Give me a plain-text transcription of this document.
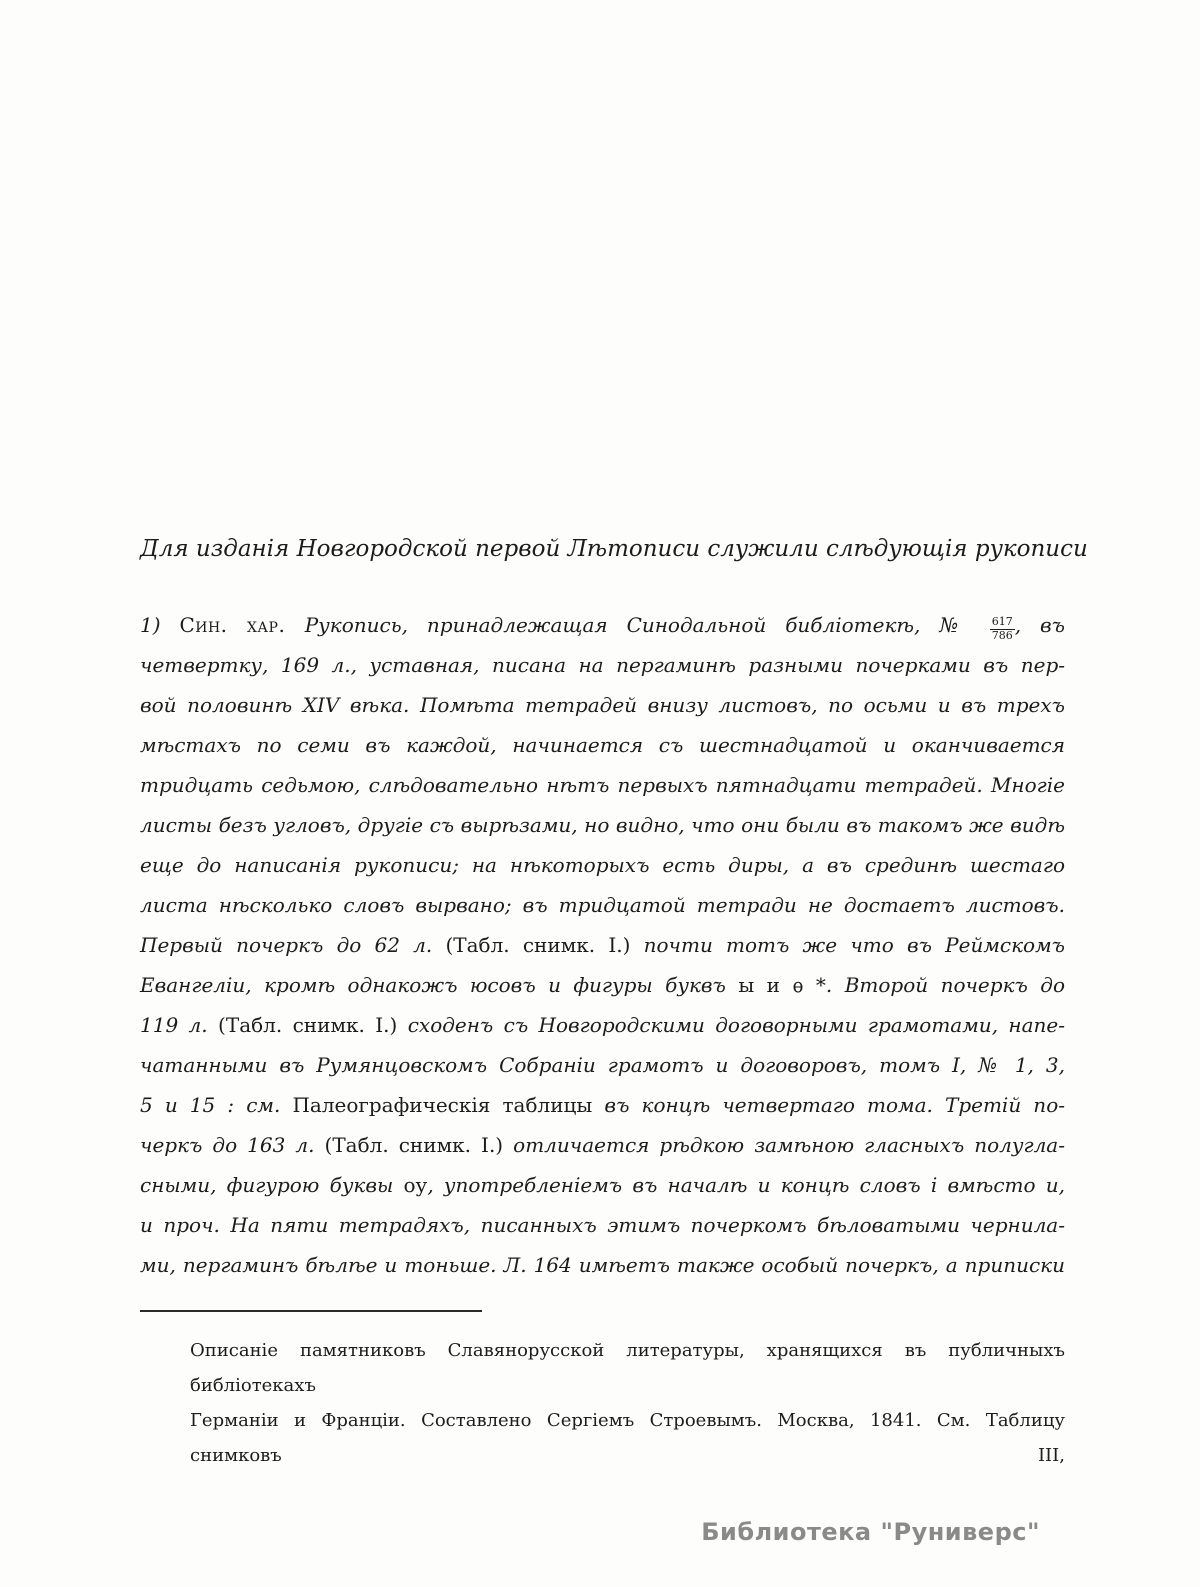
Для изданія Новгородской первой Лѣтописи служили слѣдующія рукописи
1) Син. хар. Рукопись, принадлежащая Синодальной библіотекѣ, № $\frac{617}{786}$ , въ
четвертку, 169 л., уставная, писана на пергаминѣ разными почерками въ пер-
вой половинѣ XIV вѣка. Помѣта тетрадей внизу листовъ, по осьми и въ трехъ
мѣстахъ по семи въ каждой, начинается съ шестнадцатой и оканчивается
тридцать седьмою, слѣдовательно нѣтъ первыхъ пятнадцати тетрадей. Многіе
листы безъ угловъ, другіе съ вырѣзами, но видно, что они были въ такомъ же видѣ
еще до написанія рукописи; на нѣкоторыхъ есть диры, а въ срединѣ шестаго
листа нѣсколько словъ вырвано; въ тридцатой тетради не достаетъ листовъ.
Первый почеркъ до 62 л. (Табл. снимк. I.) почти тотъ же что въ Реймскомъ
Евангеліи, кромѣ однакожъ юсовъ и фигуры буквъ ы и ѳ *. Второй почеркъ до
119 л. (Табл. снимк. I.) сходенъ съ Новгородскими договорными грамотами, напе-
чатанными въ Румянцовскомъ Собраніи грамотъ и договоровъ, томъ I, № 1, 3,
5 и 15 : см. Палеографическія таблицы въ концѣ четвертаго тома. Третій по-
черкъ до 163 л. (Табл. снимк. I.) отличается рѣдкою замѣною гласныхъ полугла-
сными, фигурою буквы оу, употребленіемъ въ началѣ и концѣ словъ і вмѣсто и,
и проч. На пяти тетрадяхъ, писанныхъ этимъ почеркомъ бѣловатыми чернила-
ми, пергаминъ бѣлѣе и тоньше. Л. 164 имѣетъ также особый почеркъ, а приписки
Описаніе памятниковъ Славянорусской литературы, хранящихся въ публичныхъ библіотекахъ
Германіи и Франціи. Составлено Сергіемъ Строевымъ. Москва, 1841. См. Таблицу снимковъ III,
Библиотека "Руниверс"
